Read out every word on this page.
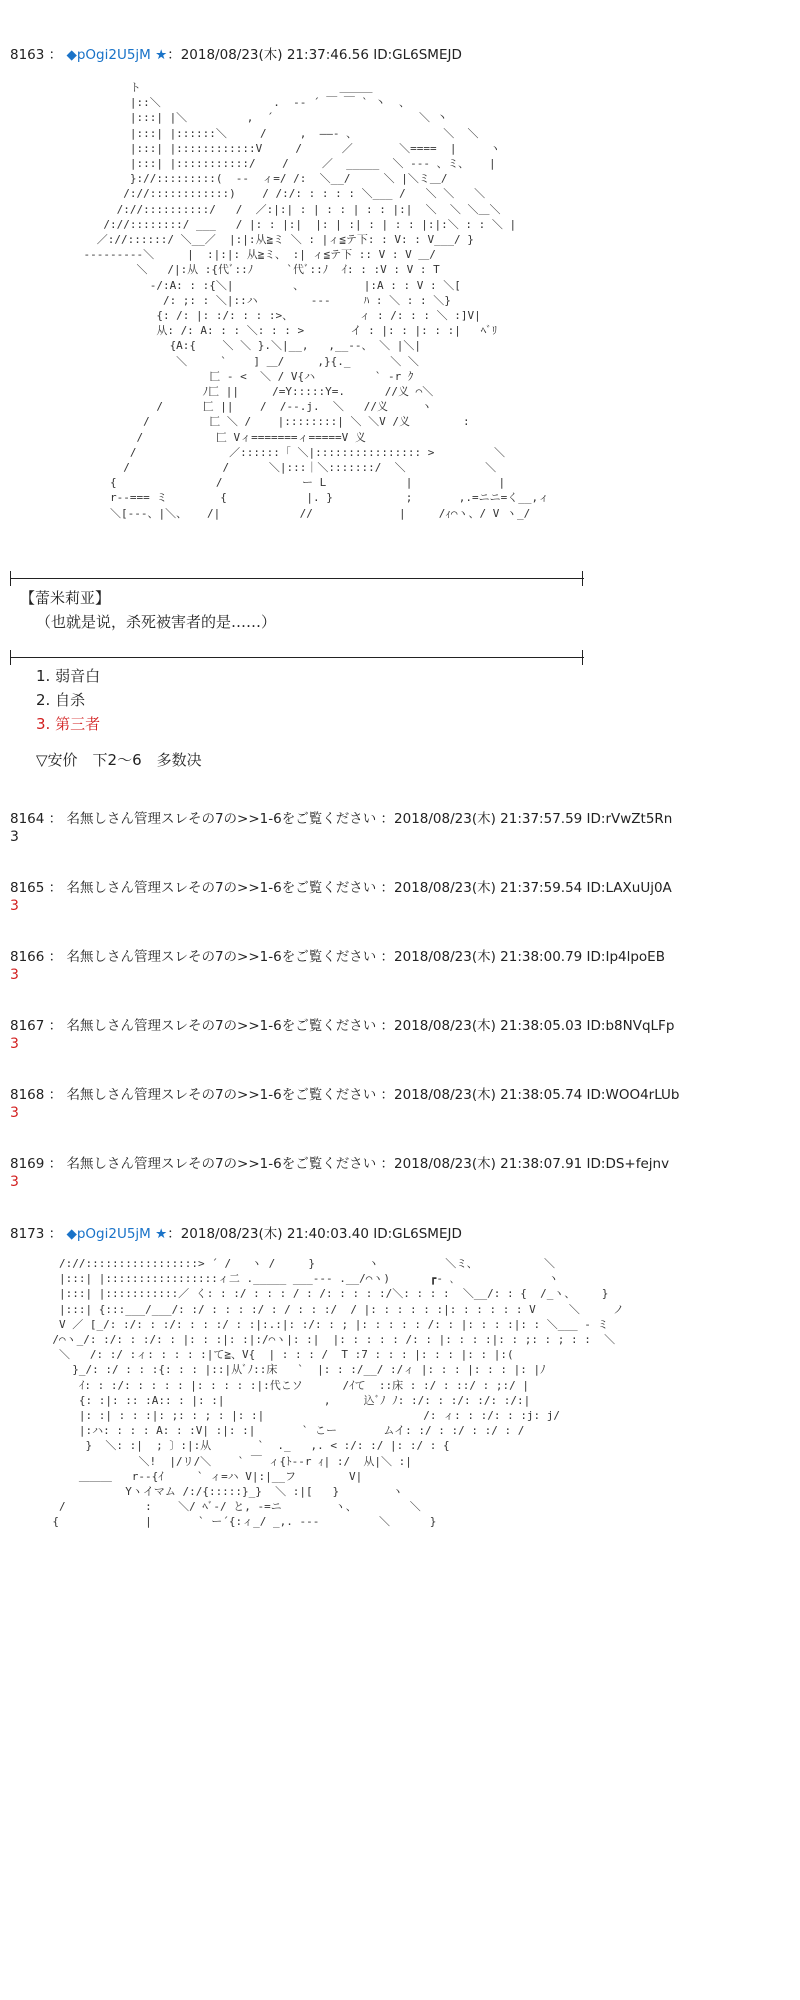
8163 ： ◆pOgi2U5jM ★：2018/08/23(木) 21:37:46.56 ID:GL6SMEJD
ト                              ＿＿＿
|::＼                 .  -‐ ´ ￣ ￣ ` 丶  、
|:::| |＼         ,  ´                      ＼ 丶
|:::| |::::::＼     /     ,  ――- 、             ＼  ＼
|:::| |::::::::::::V     /      ／       ＼====  |     ヽ
|:::| |:::::::::::/    /     ／  _____  ＼ -‐- 、ミ、   |
}://:::::::::(  ‐-  ィ=/ /:  ＼__/     ＼ |＼ミ＿/
/://::::::::::::)    / /:/: : : : : ＼___ /   ＼ ＼   ＼
/://::::::::::/   /  ／:|:| : | : : | : : |:|  ＼  ＼ ＼＿＼
/://::::::::/ ___   / |: : |:|  |: | :| : | : : |:|:＼ : : ＼ |
／://::::::/ ＼__／  |:|:从≧ミ ＼ : |ィ≦テ下: : V: : V___/ }
‐‐‐‐‐‐‐‐‐＼     |  :|:|: 从≧ミ、 :| ィ≦テ下 :: V : V ＿/
＼   /|:从 :{代ﾞ::ﾉ     `代ﾞ::ﾉ  ｲ: : :V : V : T
‐/:A: : :{＼|         、         |:A : : V : ＼[
/: ;: : ＼|::ハ        ‐-‐     ﾊ : ＼ : : ＼}
{: /: |: :/: : : :>、          ィ : /: : : ＼ :]V|
从: /: A: : : ＼: : : >       イ : |: : |: : :|   ﾍﾞﾘ
{A:{    ＼ ＼ }.＼|__,   ,__-‐、 ＼ |＼|
＼     `    ] ＿/     ,}{._      ＼ ＼
匚 ‐ <  ＼ / V{ハ         ` ‐r ｸ
ﾉ匚 ||     /=Y:::::Y=.      //义 ⌒＼
/      匚 ||    /  /‐-.j.  ＼   //义     ヽ
/         匚 ＼ /    |::::::::| ＼ ＼V /义        :
/           匚 Vィ=======ィ=====V 义
/              ／::::::「 ＼|:::::::::::::::: >         ＼
/              /      ＼|:::｜＼:::::::/  ＼            ＼
{               /            ー L            |             |
r‐‐=== ミ        {            |. }           ;       ,.=ニニ=く__,ィ
＼[‐‐‐、|＼、   /|            //             |     /ｨ⌒ヽ、/ V ヽ_/
【蕾米莉亚】
（也就是说，杀死被害者的是……）
1. 弱音白
2. 自杀
3. 第三者
▽安价　下2～6　多数决
8164 ： 名無しさん管理スレその7の>>1-6をご覧ください ：2018/08/23(木) 21:37:57.59 ID:rVwZt5Rn
3
8165 ： 名無しさん管理スレその7の>>1-6をご覧ください ：2018/08/23(木) 21:37:59.54 ID:LAXuUj0A
3
8166 ： 名無しさん管理スレその7の>>1-6をご覧ください ：2018/08/23(木) 21:38:00.79 ID:Ip4lpoEB
3
8167 ： 名無しさん管理スレその7の>>1-6をご覧ください ：2018/08/23(木) 21:38:05.03 ID:b8NVqLFp
3
8168 ： 名無しさん管理スレその7の>>1-6をご覧ください ：2018/08/23(木) 21:38:05.74 ID:WOO4rLUb
3
8169 ： 名無しさん管理スレその7の>>1-6をご覧ください ：2018/08/23(木) 21:38:07.91 ID:DS+fejnv
3
8173 ： ◆pOgi2U5jM ★：2018/08/23(木) 21:40:03.40 ID:GL6SMEJD
/://:::::::::::::::::> ´ /   ヽ /     }        ヽ          ＼ミ、          ＼
|:::| |:::::::::::::::::ィ二 ._____ ___‐‐‐ .__/⌒ヽ)      ┏‐ ､              ヽ
|:::| |:::::::::::／ く: : :/ : : : / : /: : : : :/＼: : : :  ＼__/: : {  /_ヽ、    }
|:::| {:::___/___/: :/ : : : :/ : / : : :/  / |: : : : : :|: : : : : : V     ＼     ノ
V ／ [_/: :/: : :/: : : :/ : :|:.:|: :/: : ; |: : : : : /: : |: : : :|: : ＼___ ‐ ミ
/⌒ヽ_/: :/: : :/: : |: : :|: :|:/⌒ヽ|: :|  |: : : : : /: : |: : : :|: : ;: : ; : :  ＼
＼   /: :/ :ィ: : : : :|て≧、V{  | : : : /  T :7 : : : |: : : |: : |:(
}_/: :/ : : :{: : : |::|从ﾞﾉ::床   `  |: : :/__/ :/ィ |: : : |: : : |: |ﾉ
ｲ: : :/: : : : : |: : : : :|:代こソ      /ｲて  ::床 : :/ : ::/ : ;:/ |
{: :|: :: :A:: : |: :|               ,     込ﾞﾉ ﾉ: :/: : :/: :/: :/:|
|: :| : : :|: ;: : ; : |: :|                        /: ィ: : :/: : :j: j/
|:ハ: : : : A: : :V| :|: :|       ` こー       ムイ: :/ : :/ : :/ : /
}  ＼: :|  ; 〕:|:从       `  ._   ,. < :/: :/ |: :/ : {
＼!  |/リ/＼    ` ￣ ィ{ﾄ‐‐r ｨ| :/  从|＼ :|
＿＿＿   r‐‐{ｲ     ` ィ=ハ V|:|__フ        V|
Yヽイマム /:/{:::::}_}  ＼ :|[   }        ヽ
/            :    ＼/ ﾍﾞ‐/ と, ‐=ニ        ヽ、        ＼
{             |       ` ー´{:ィ_/ _,. -‐‐         ＼      }
